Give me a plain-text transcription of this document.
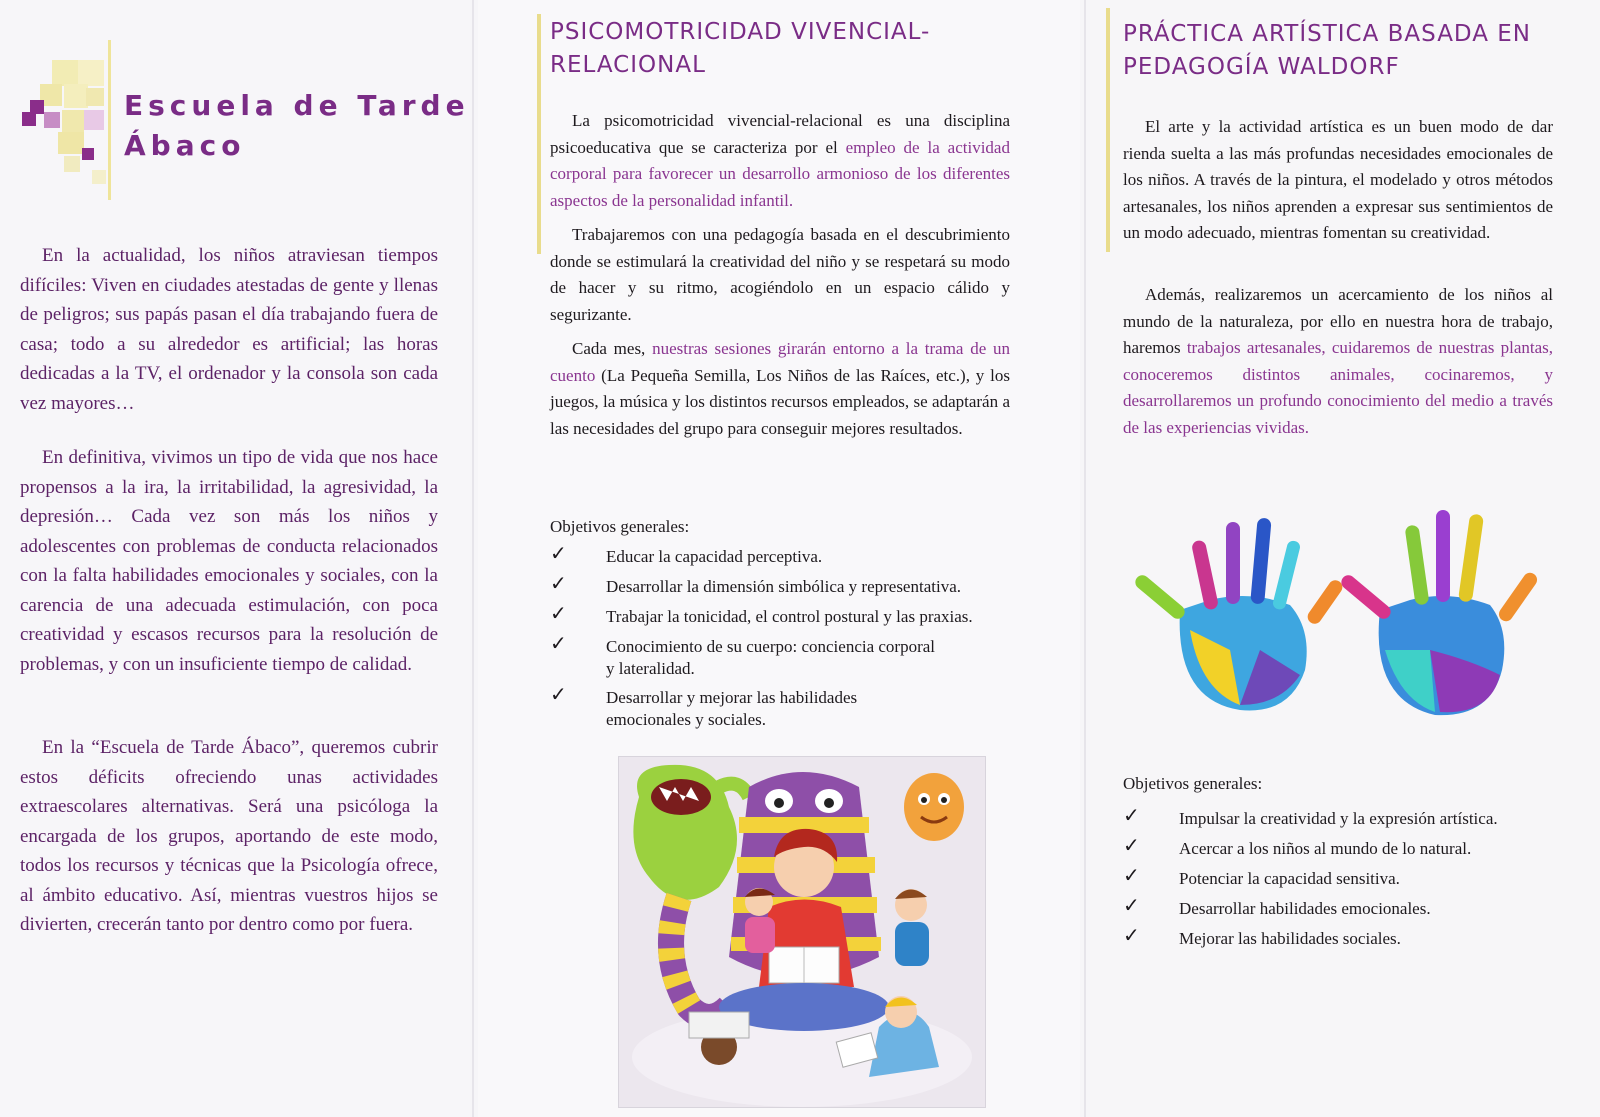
Escuela de Tarde
Ábaco

En la actualidad, los niños atraviesan tiempos difíciles: Viven en ciudades atestadas de gente y llenas de peligros; sus papás pasan el día trabajando fuera de casa; todo a su alrededor es artificial; las horas dedicadas a la TV, el ordenador y la consola son cada vez mayores…

En definitiva, vivimos un tipo de vida que nos hace propensos a la ira, la irritabilidad, la agresividad, la depresión… Cada vez son más los niños y adolescentes con problemas de conducta relacionados con la falta habilidades emocionales y sociales, con la carencia de una adecuada estimulación, con poca creatividad y escasos recursos para la resolución de problemas, y con un insuficiente tiempo de calidad.

En la “Escuela de Tarde Ábaco”, queremos cubrir estos déficits ofreciendo unas actividades extraescolares alternativas. Será una psicóloga la encargada de los grupos, aportando de este modo, todos los recursos y técnicas que la Psicología ofrece, al ámbito educativo. Así, mientras vuestros hijos se divierten, crecerán tanto por dentro como por fuera.

PSICOMOTRICIDAD VIVENCIAL-
RELACIONAL

La psicomotricidad vivencial-relacional es una disciplina psicoeducativa que se caracteriza por el empleo de la actividad corporal para favorecer un desarrollo armonioso de los diferentes aspectos de la personalidad infantil.

Trabajaremos con una pedagogía basada en el descubrimiento donde se estimulará la creatividad del niño y se respetará su modo de hacer y su ritmo, acogiéndolo en un espacio cálido y segurizante.

Cada mes, nuestras sesiones girarán entorno a la trama de un cuento (La Pequeña Semilla, Los Niños de las Raíces, etc.), y los juegos, la música y los distintos recursos empleados, se adaptarán a las necesidades del grupo para conseguir mejores resultados.

Objetivos generales:

✓ Educar la capacidad perceptiva.
✓ Desarrollar la dimensión simbólica y representativa.
✓ Trabajar la tonicidad, el control postural y las praxias.
✓ Conocimiento de su cuerpo: conciencia corporal y lateralidad.
✓ Desarrollar y mejorar las habilidades emocionales y sociales.
PRÁCTICA ARTÍSTICA BASADA EN
PEDAGOGÍA WALDORF

El arte y la actividad artística es un buen modo de dar rienda suelta a las más profundas necesidades emocionales de los niños. A través de la pintura, el modelado y otros métodos artesanales, los niños aprenden a expresar sus sentimientos de un modo adecuado, mientras fomentan su creatividad.

Además, realizaremos un acercamiento de los niños al mundo de la naturaleza, por ello en nuestra hora de trabajo, haremos trabajos artesanales, cuidaremos de nuestras plantas, conoceremos distintos animales, cocinaremos, y desarrollaremos un profundo conocimiento del medio a través de las experiencias vividas.

Objetivos generales:

✓ Impulsar la creatividad y la expresión artística.
✓ Acercar a los niños al mundo de lo natural.
✓ Potenciar la capacidad sensitiva.
✓ Desarrollar habilidades emocionales.
✓ Mejorar las habilidades sociales.
